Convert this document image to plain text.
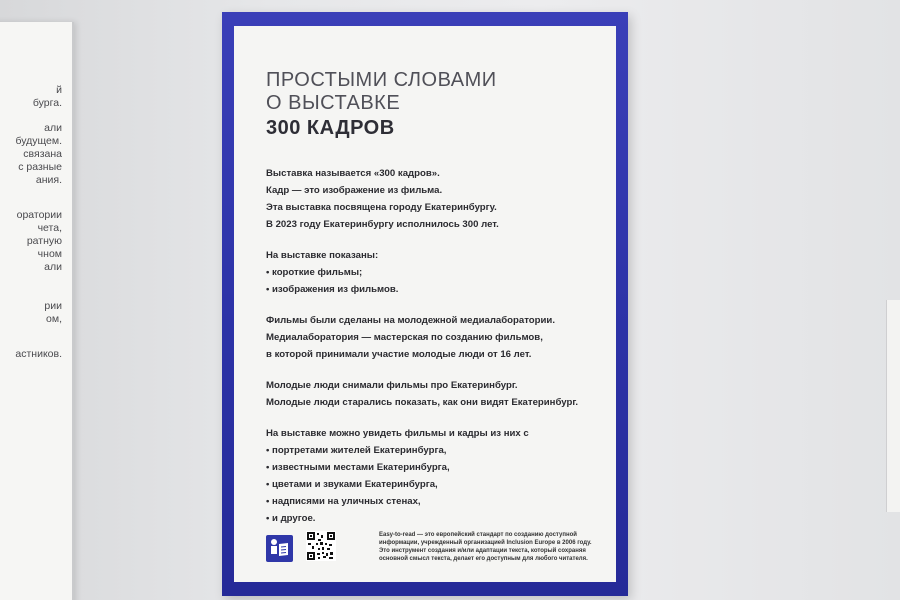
й
бурга.
али
будущем.
связана
с разные
ания.
оратории
чета,
ратную
чном
али
рии
ом,
астников.
ПРОСТЫМИ СЛОВАМИ
О ВЫСТАВКЕ
300 КАДРОВ

Выставка называется «300 кадров».

Кадр — это изображение из фильма.

Эта выставка посвящена городу Екатеринбургу.

В 2023 году Екатеринбургу исполнилось 300 лет.

На выставке показаны:

• короткие фильмы;

• изображения из фильмов.

Фильмы были сделаны на молодежной медиалаборатории.

Медиалаборатория — мастерская по созданию фильмов,

в которой принимали участие молодые люди от 16 лет.

Молодые люди снимали фильмы про Екатеринбург.

Молодые люди старались показать, как они видят Екатеринбург.

На выставке можно увидеть фильмы и кадры из них с

• портретами жителей Екатеринбурга,

• известными местами Екатеринбурга,

• цветами и звуками Екатеринбурга,

• надписями на уличных стенах,

• и другое.

Easy-to-read — это европейский стандарт по созданию доступной
информации, учрежденный организацией Inclusion Europe в 2006 году.
Это инструмент создания и/или адаптации текста, который сохраняя
основной смысл текста, делает его доступным для любого читателя.
